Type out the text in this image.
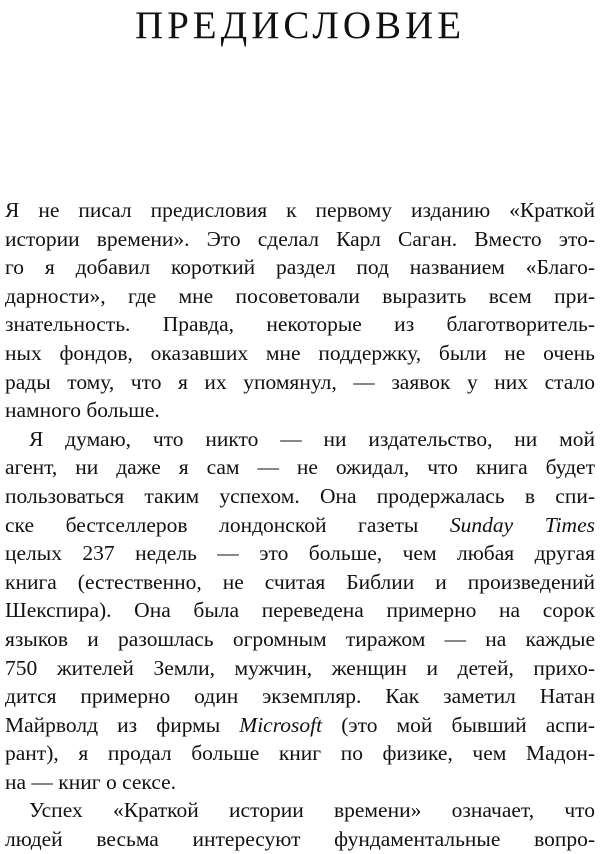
ПРЕДИСЛОВИЕ
Я не писал предисловия к первому изданию «Краткой
истории времени». Это сделал Карл Саган. Вместо это-
го я добавил короткий раздел под названием «Благо-
дарности», где мне посоветовали выразить всем при-
знательность. Правда, некоторые из благотворитель-
ных фондов, оказавших мне поддержку, были не очень
рады тому, что я их упомянул, — заявок у них стало
намного больше.
Я думаю, что никто — ни издательство, ни мой
агент, ни даже я сам — не ожидал, что книга будет
пользоваться таким успехом. Она продержалась в спи-
ске бестселлеров лондонской газеты Sunday Times
целых 237 недель — это больше, чем любая другая
книга (естественно, не считая Библии и произведений
Шекспира). Она была переведена примерно на сорок
языков и разошлась огромным тиражом — на каждые
750 жителей Земли, мужчин, женщин и детей, прихо-
дится примерно один экземпляр. Как заметил Натан
Майрволд из фирмы Microsoft (это мой бывший аспи-
рант), я продал больше книг по физике, чем Мадон-
на — книг о сексе.
Успех «Краткой истории времени» означает, что
людей весьма интересуют фундаментальные вопро-
